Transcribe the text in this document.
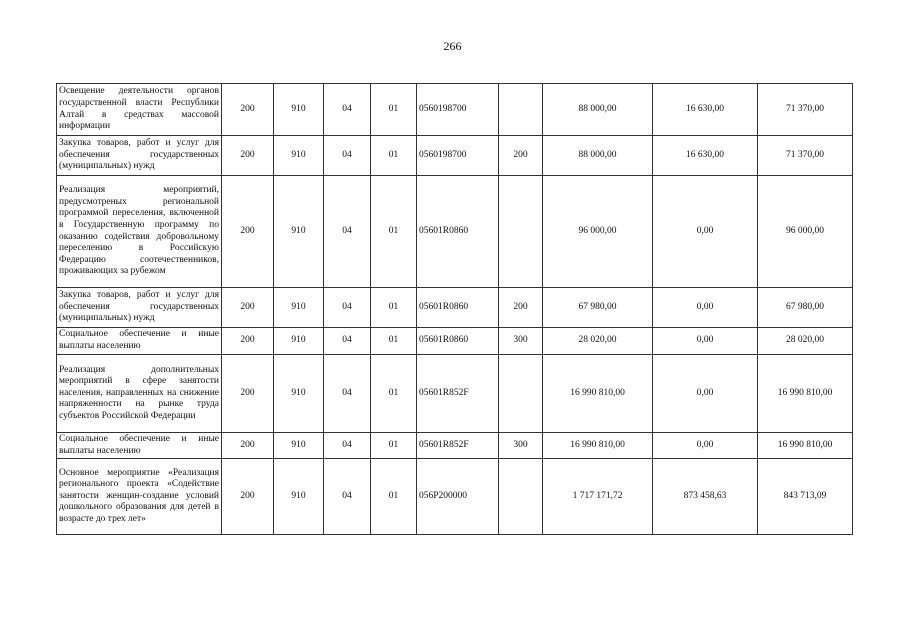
266
Освещение деятельности органов государственной власти Республики Алтай в средствах массовой информации	200	910	04	01	0560198700		88 000,00	16 630,00	71 370,00
Закупка товаров, работ и услуг для обеспечения государственных (муниципальных) нужд	200	910	04	01	0560198700	200	88 000,00	16 630,00	71 370,00
Реализация мероприятий, предусмотреных региональной программой переселения, включенной в Государственную программу по оказанию содействия добровольному переселению в Российскую Федерацию соотечественников, проживающих за рубежом	200	910	04	01	05601R0860		96 000,00	0,00	96 000,00
Закупка товаров, работ и услуг для обеспечения государственных (муниципальных) нужд	200	910	04	01	05601R0860	200	67 980,00	0,00	67 980,00
Социальное обеспечение и иные выплаты населению	200	910	04	01	05601R0860	300	28 020,00	0,00	28 020,00
Реализация дополнительных мероприятий в сфере занятости населения, направленных на снижение напряженности на рынке труда субъектов Российской Федерации	200	910	04	01	05601R852F		16 990 810,00	0,00	16 990 810,00
Социальное обеспечение и иные выплаты населению	200	910	04	01	05601R852F	300	16 990 810,00	0,00	16 990 810,00
Основное мероприятие «Реализация регионального проекта «Содействие занятости женщин-создание условий дошкольного образования для детей в возрасте до трех лет»	200	910	04	01	056P200000		1 717 171,72	873 458,63	843 713,09
